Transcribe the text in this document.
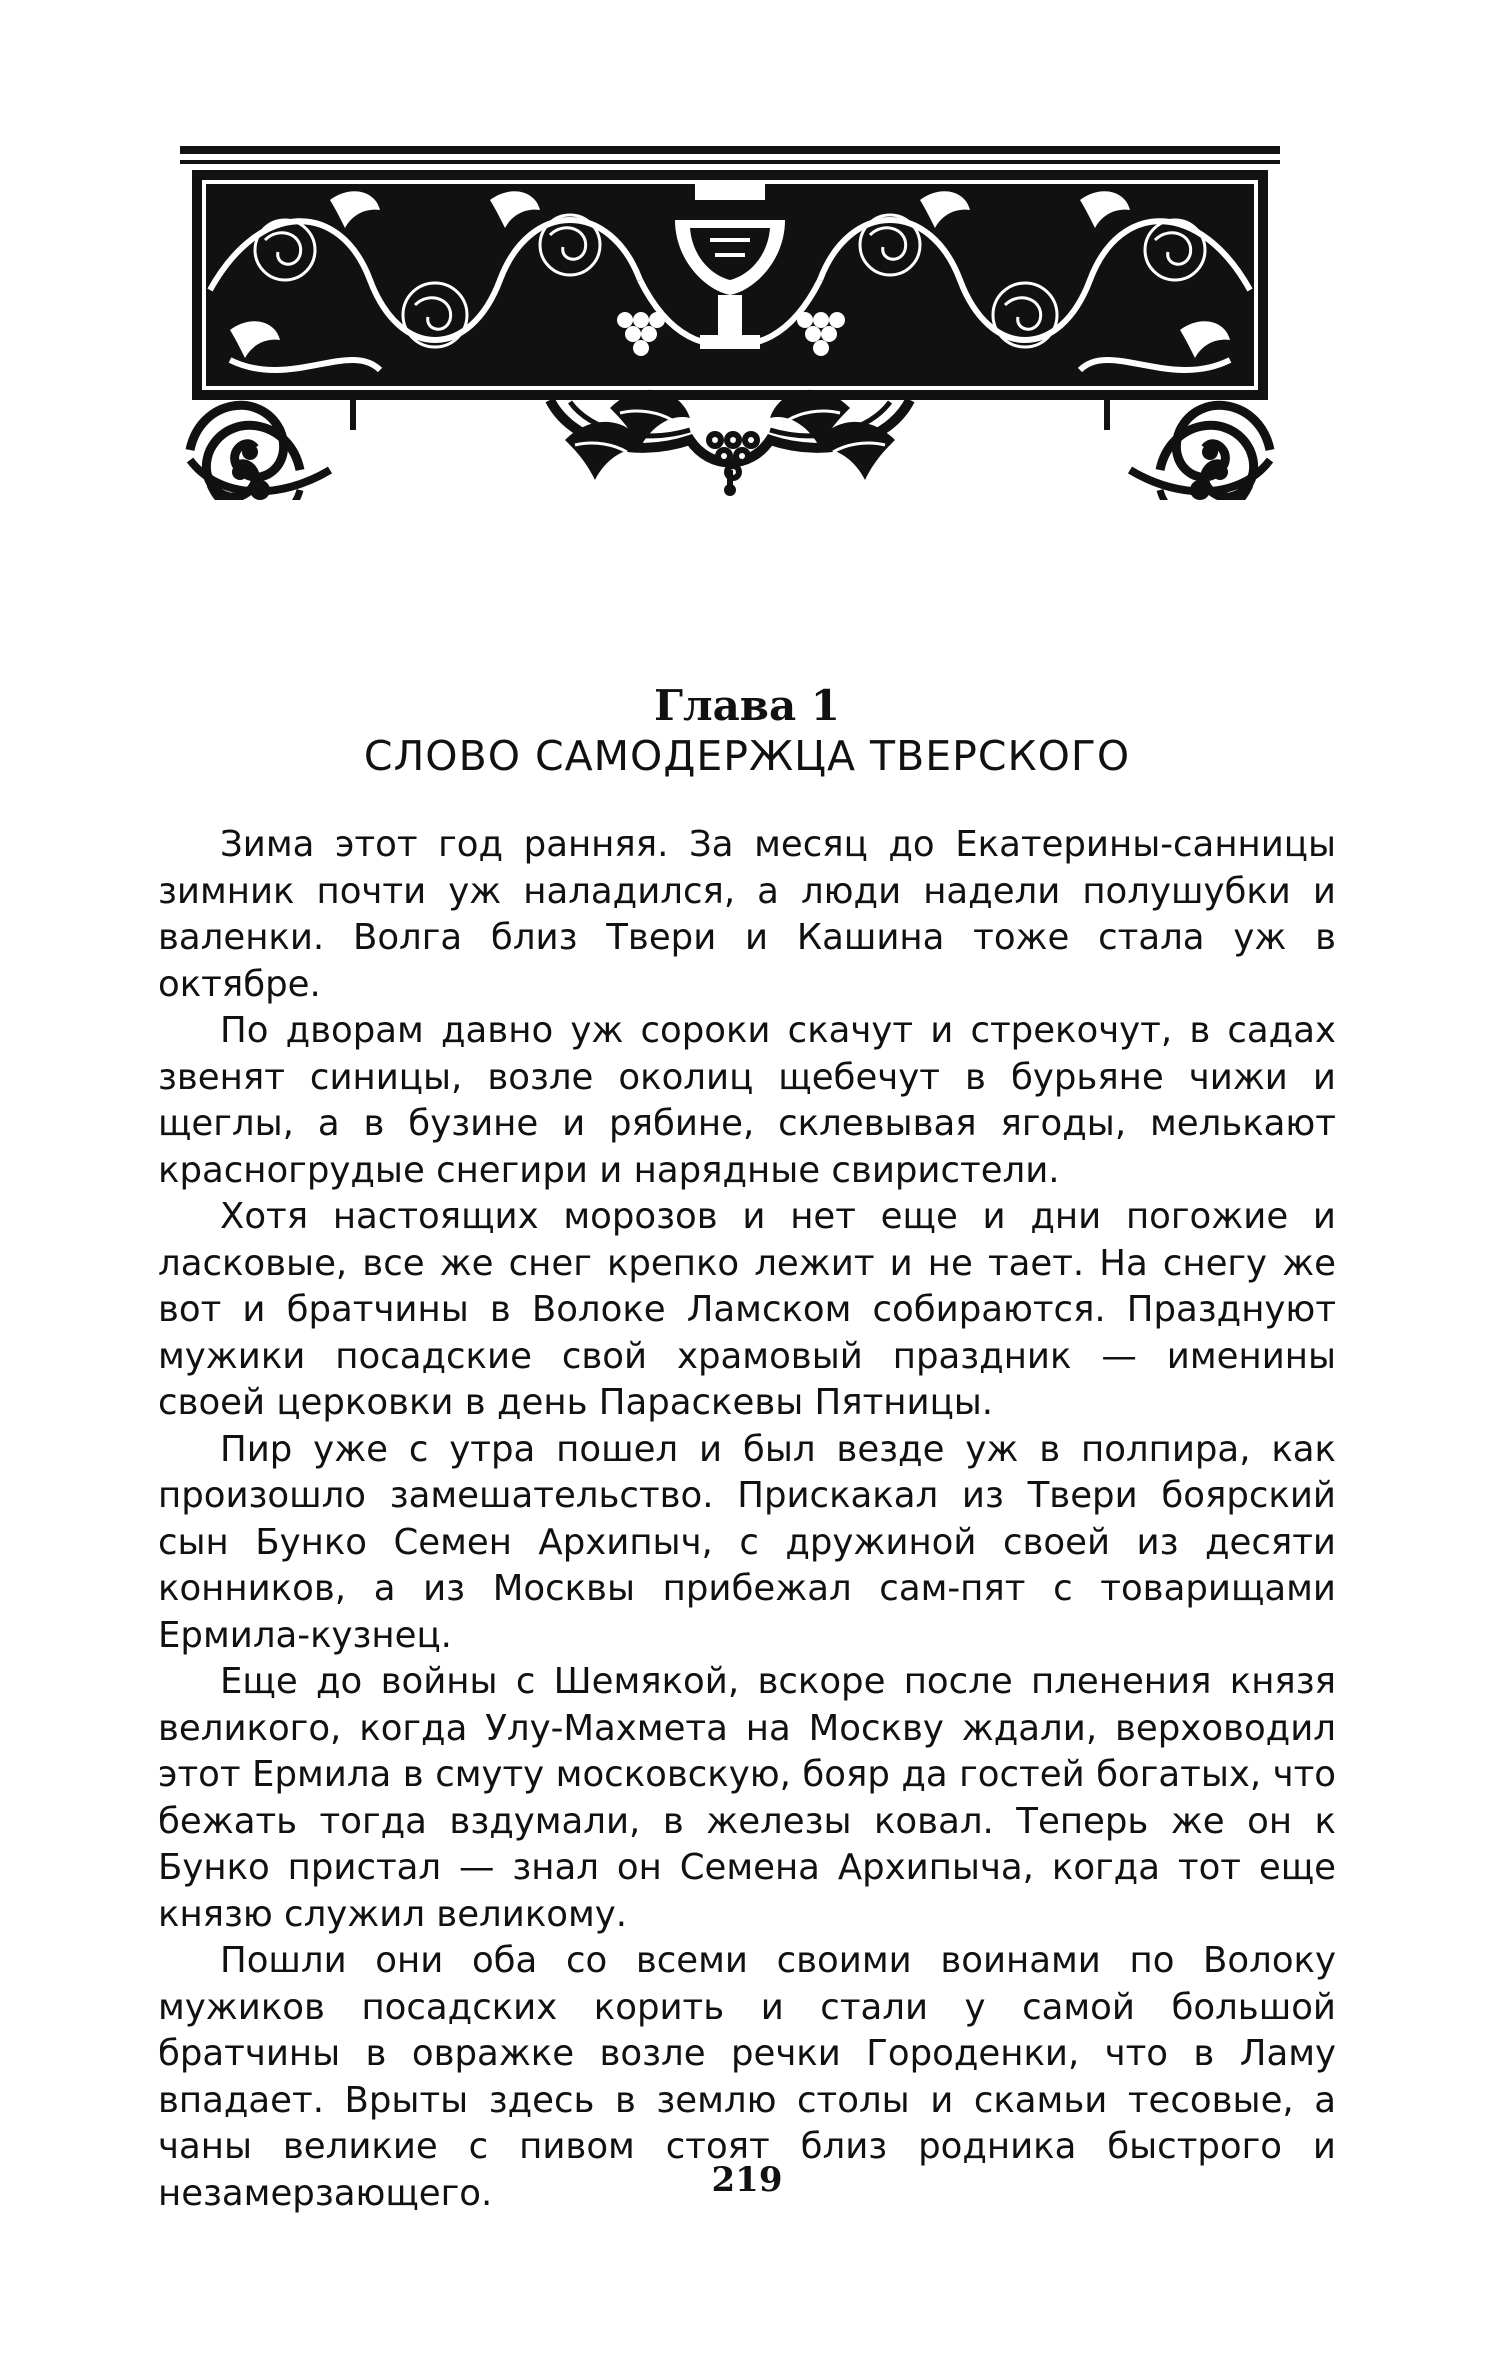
Глава 1
СЛОВО САМОДЕРЖЦА ТВЕРСКОГО

Зима этот год ранняя. За месяц до Екатерины-санницы зимник почти уж наладился, а люди надели полушубки и валенки. Волга близ Твери и Кашина тоже стала уж в октябре.

По дворам давно уж сороки скачут и стрекочут, в садах звенят синицы, возле околиц щебечут в бурьяне чижи и щеглы, а в бузине и рябине, склевывая ягоды, мелькают красногрудые снегири и нарядные свиристели.

Хотя настоящих морозов и нет еще и дни погожие и ласковые, все же снег крепко лежит и не тает. На снегу же вот и братчины в Волоке Ламском собираются. Празднуют мужики посадские свой храмовый праздник — именины своей церковки в день Параскевы Пятницы.

Пир уже с утра пошел и был везде уж в полпира, как произошло замешательство. Прискакал из Твери боярский сын Бунко Семен Архипыч, с дружиной своей из десяти конников, а из Москвы прибежал сам-пят с товарищами Ермила-кузнец.

Еще до войны с Шемякой, вскоре после пленения князя великого, когда Улу-Махмета на Москву ждали, верховодил этот Ермила в смуту московскую, бояр да гостей богатых, что бежать тогда вздумали, в железы ковал. Теперь же он к Бунко пристал — знал он Семена Архипыча, когда тот еще князю служил великому.

Пошли они оба со всеми своими воинами по Волоку мужиков посадских корить и стали у самой большой братчины в овражке возле речки Городенки, что в Ламу впадает. Врыты здесь в землю столы и скамьи тесовые, а чаны великие с пивом стоят близ родника быстрого и незамерзающего.	219
